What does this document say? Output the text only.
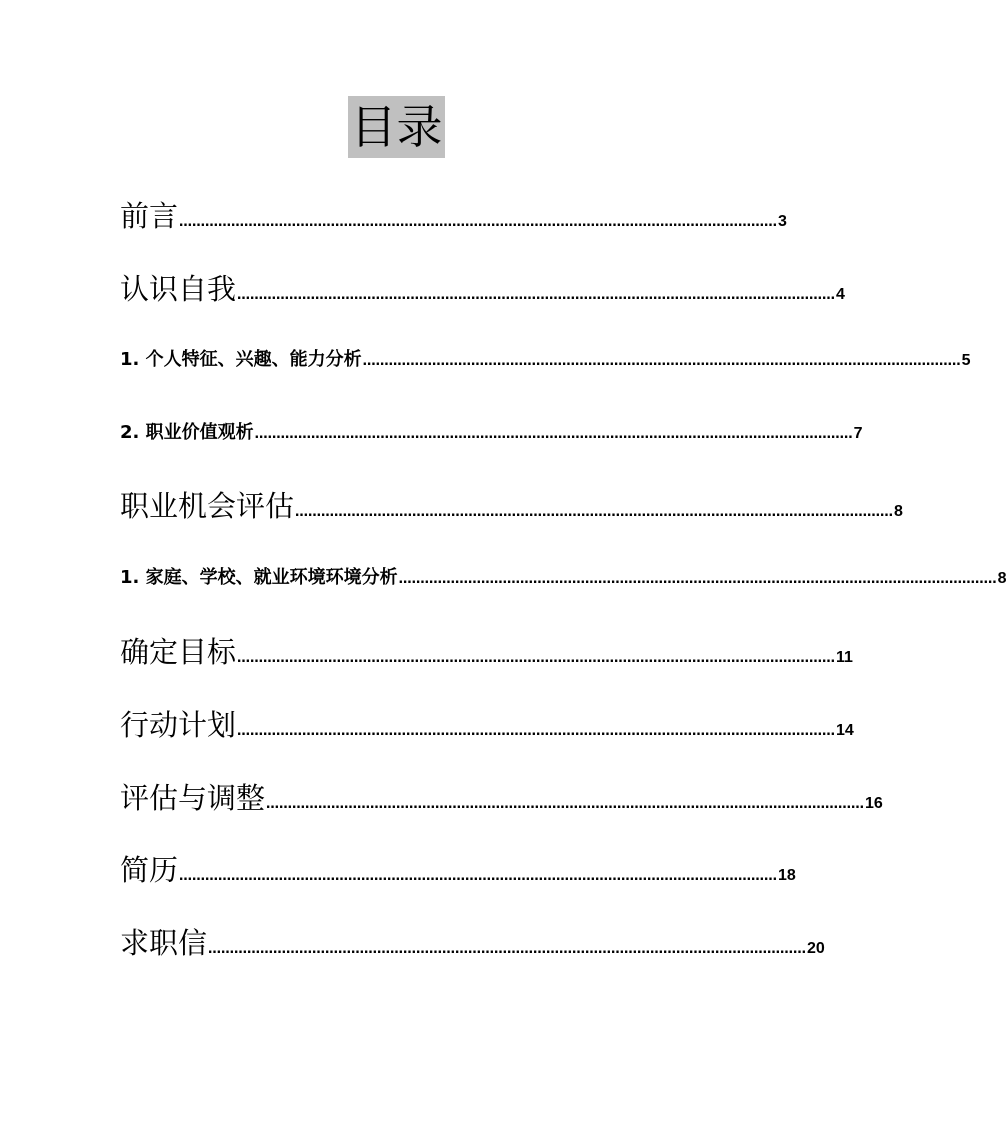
目录
前言 ………………………………………………………………………………………………………………………… 3
认识自我 ………………………………………………………………………………………………………………………… 4
1. 个人特征、兴趣、能力分析 ………………………………………………………………………………………………………………………… 5
2. 职业价值观析 ………………………………………………………………………………………………………………………… 7
职业机会评估 ………………………………………………………………………………………………………………………… 8
1. 家庭、学校、就业环境环境分析 ………………………………………………………………………………………………………………………… 8
确定目标 ………………………………………………………………………………………………………………………… 11
行动计划 ………………………………………………………………………………………………………………………… 14
评估与调整 ………………………………………………………………………………………………………………………… 16
简历 ………………………………………………………………………………………………………………………… 18
求职信 ………………………………………………………………………………………………………………………… 20
